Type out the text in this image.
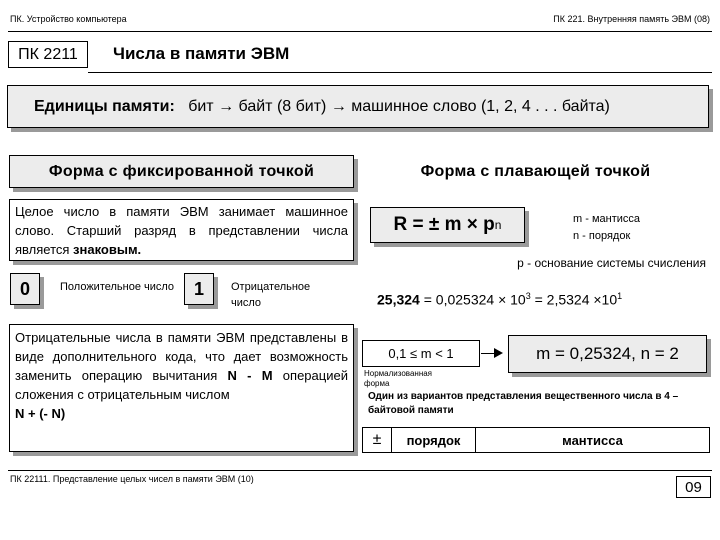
ПК. Устройство компьютера	ПК 221. Внутренняя память ЭВМ (08)
ПК 2211	Числа в памяти ЭВМ
Единицы памяти: бит → байт (8 бит) → машинное слово (1, 2, 4 . . . байта)
Форма с фиксированной точкой	Форма с плавающей точкой
Целое число в памяти ЭВМ занимает машинное слово. Старший разряд в представлении числа является знаковым.
0	Положительное число	1	Отрицательное число
Отрицательные числа в памяти ЭВМ представлены в виде дополнительного кода, что дает возможность заменить операцию вычитания N - M операцией сложения с отрицательным числом
N + (- N)
R = ± m × p n	m - мантисса
n - порядок
p - основание системы счисления
$25,324 = 0,025324 \times 10^3 = 2,5324 \times 10^1$
0,1 ≤ m < 1
Нормализованная форма
m = 0,25324, n = 2
Один из вариантов представления вещественного числа в 4 – байтовой памяти
±	порядок	мантисса
ПК 22111. Представление целых чисел в памяти ЭВМ (10)	09
